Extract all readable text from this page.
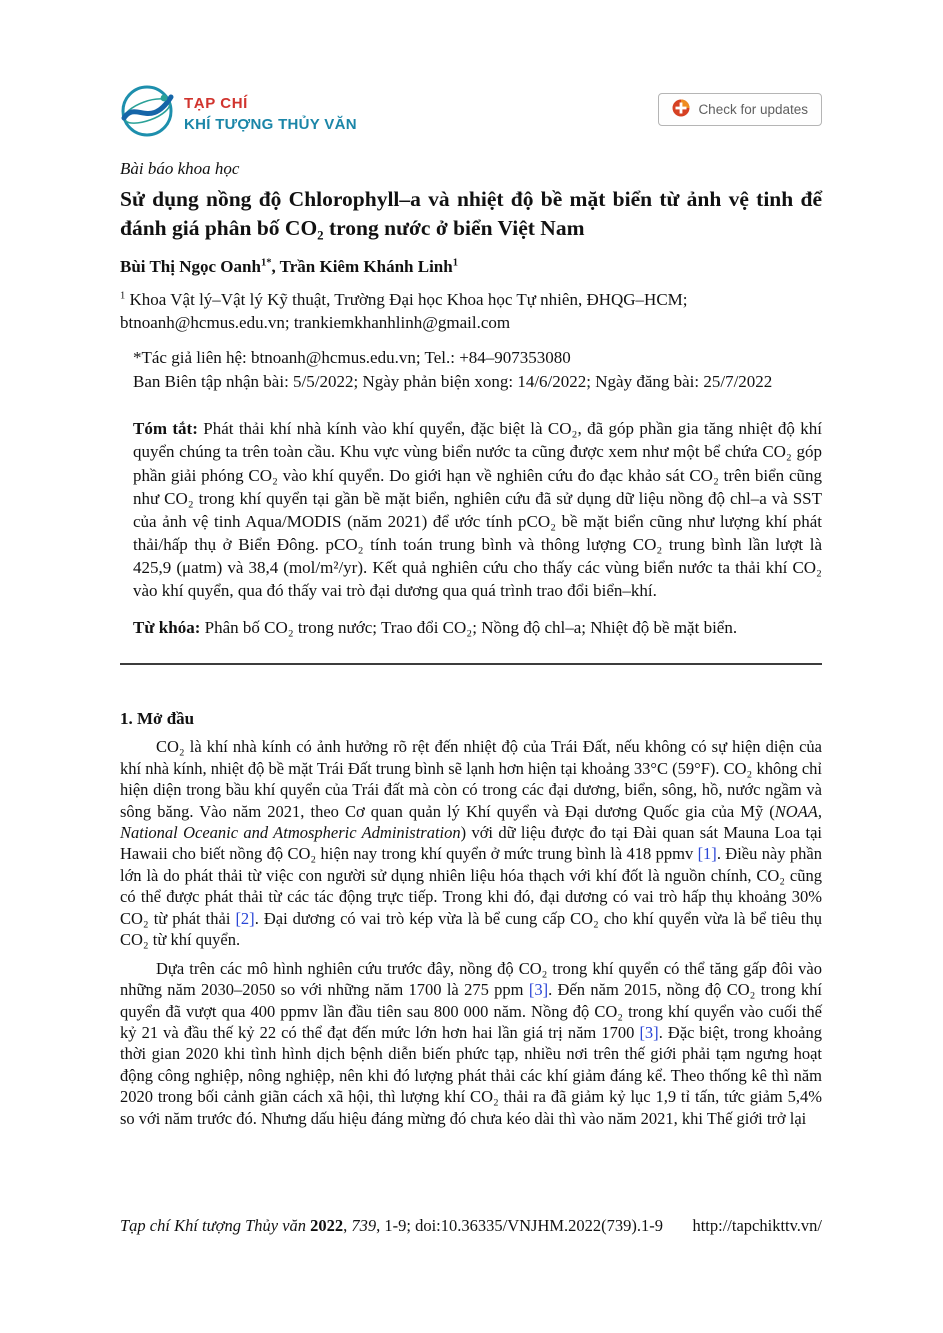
TẠP CHÍ
KHÍ TƯỢNG THỦY VĂN
Check for updates
Bài báo khoa học
Sử dụng nồng độ Chlorophyll–a và nhiệt độ bề mặt biển từ ảnh vệ tinh để đánh giá phân bố CO₂ trong nước ở biển Việt Nam
Bùi Thị Ngọc Oanh$^{1*}$, Trần Kiêm Khánh Linh$^1$
$^1$ Khoa Vật lý–Vật lý Kỹ thuật, Trường Đại học Khoa học Tự nhiên, ĐHQG–HCM; btnoanh@hcmus.edu.vn; trankiemkhanhlinh@gmail.com
*Tác giả liên hệ: btnoanh@hcmus.edu.vn; Tel.: +84–907353080
Ban Biên tập nhận bài: 5/5/2022; Ngày phản biện xong: 14/6/2022; Ngày đăng bài: 25/7/2022

Tóm tắt: Phát thải khí nhà kính vào khí quyển, đặc biệt là CO₂, đã góp phần gia tăng nhiệt độ khí quyển chúng ta trên toàn cầu. Khu vực vùng biển nước ta cũng được xem như một bể chứa CO₂ góp phần giải phóng CO₂ vào khí quyển. Do giới hạn về nghiên cứu đo đạc khảo sát CO₂ trên biển cũng như CO₂ trong khí quyển tại gần bề mặt biển, nghiên cứu đã sử dụng dữ liệu nồng độ chl–a và SST của ảnh vệ tinh Aqua/MODIS (năm 2021) để ước tính pCO₂ bề mặt biển cũng như lượng khí phát thải/hấp thụ ở Biển Đông. pCO₂ tính toán trung bình và thông lượng CO₂ trung bình lần lượt là 425,9 (μatm) và 38,4 (mol/m²/yr). Kết quả nghiên cứu cho thấy các vùng biển nước ta thải khí CO₂ vào khí quyển, qua đó thấy vai trò đại dương qua quá trình trao đổi biển–khí.

Từ khóa: Phân bố CO₂ trong nước; Trao đổi CO₂; Nồng độ chl–a; Nhiệt độ bề mặt biển.

1. Mở đầu

CO₂ là khí nhà kính có ảnh hưởng rõ rệt đến nhiệt độ của Trái Đất, nếu không có sự hiện diện của khí nhà kính, nhiệt độ bề mặt Trái Đất trung bình sẽ lạnh hơn hiện tại khoảng 33°C (59°F). CO₂ không chỉ hiện diện trong bầu khí quyển của Trái đất mà còn có trong các đại dương, biển, sông, hồ, nước ngầm và sông băng. Vào năm 2021, theo Cơ quan quản lý Khí quyển và Đại dương Quốc gia của Mỹ (NOAA, National Oceanic and Atmospheric Administration) với dữ liệu được đo tại Đài quan sát Mauna Loa tại Hawaii cho biết nồng độ CO₂ hiện nay trong khí quyển ở mức trung bình là 418 ppmv [1]. Điều này phần lớn là do phát thải từ việc con người sử dụng nhiên liệu hóa thạch với khí đốt là nguồn chính, CO₂ cũng có thể được phát thải từ các tác động trực tiếp. Trong khi đó, đại dương có vai trò hấp thụ khoảng 30% CO₂ từ phát thải [2]. Đại dương có vai trò kép vừa là bể cung cấp CO₂ cho khí quyển vừa là bể tiêu thụ CO₂ từ khí quyển.

Dựa trên các mô hình nghiên cứu trước đây, nồng độ CO₂ trong khí quyển có thể tăng gấp đôi vào những năm 2030–2050 so với những năm 1700 là 275 ppm [3]. Đến năm 2015, nồng độ CO₂ trong khí quyển đã vượt qua 400 ppmv lần đầu tiên sau 800 000 năm. Nồng độ CO₂ trong khí quyển vào cuối thế kỷ 21 và đầu thế kỷ 22 có thể đạt đến mức lớn hơn hai lần giá trị năm 1700 [3]. Đặc biệt, trong khoảng thời gian 2020 khi tình hình dịch bệnh diễn biến phức tạp, nhiều nơi trên thế giới phải tạm ngưng hoạt động công nghiệp, nông nghiệp, nên khi đó lượng phát thải các khí giảm đáng kể. Theo thống kê thì năm 2020 trong bối cảnh giãn cách xã hội, thì lượng khí CO₂ thải ra đã giảm kỷ lục 1,9 tỉ tấn, tức giảm 5,4% so với năm trước đó. Nhưng dấu hiệu đáng mừng đó chưa kéo dài thì vào năm 2021, khi Thế giới trở lại

Tạp chí Khí tượng Thủy văn 2022, 739, 1-9; doi:10.36335/VNJHM.2022(739).1-9 http://tapchikttv.vn/
